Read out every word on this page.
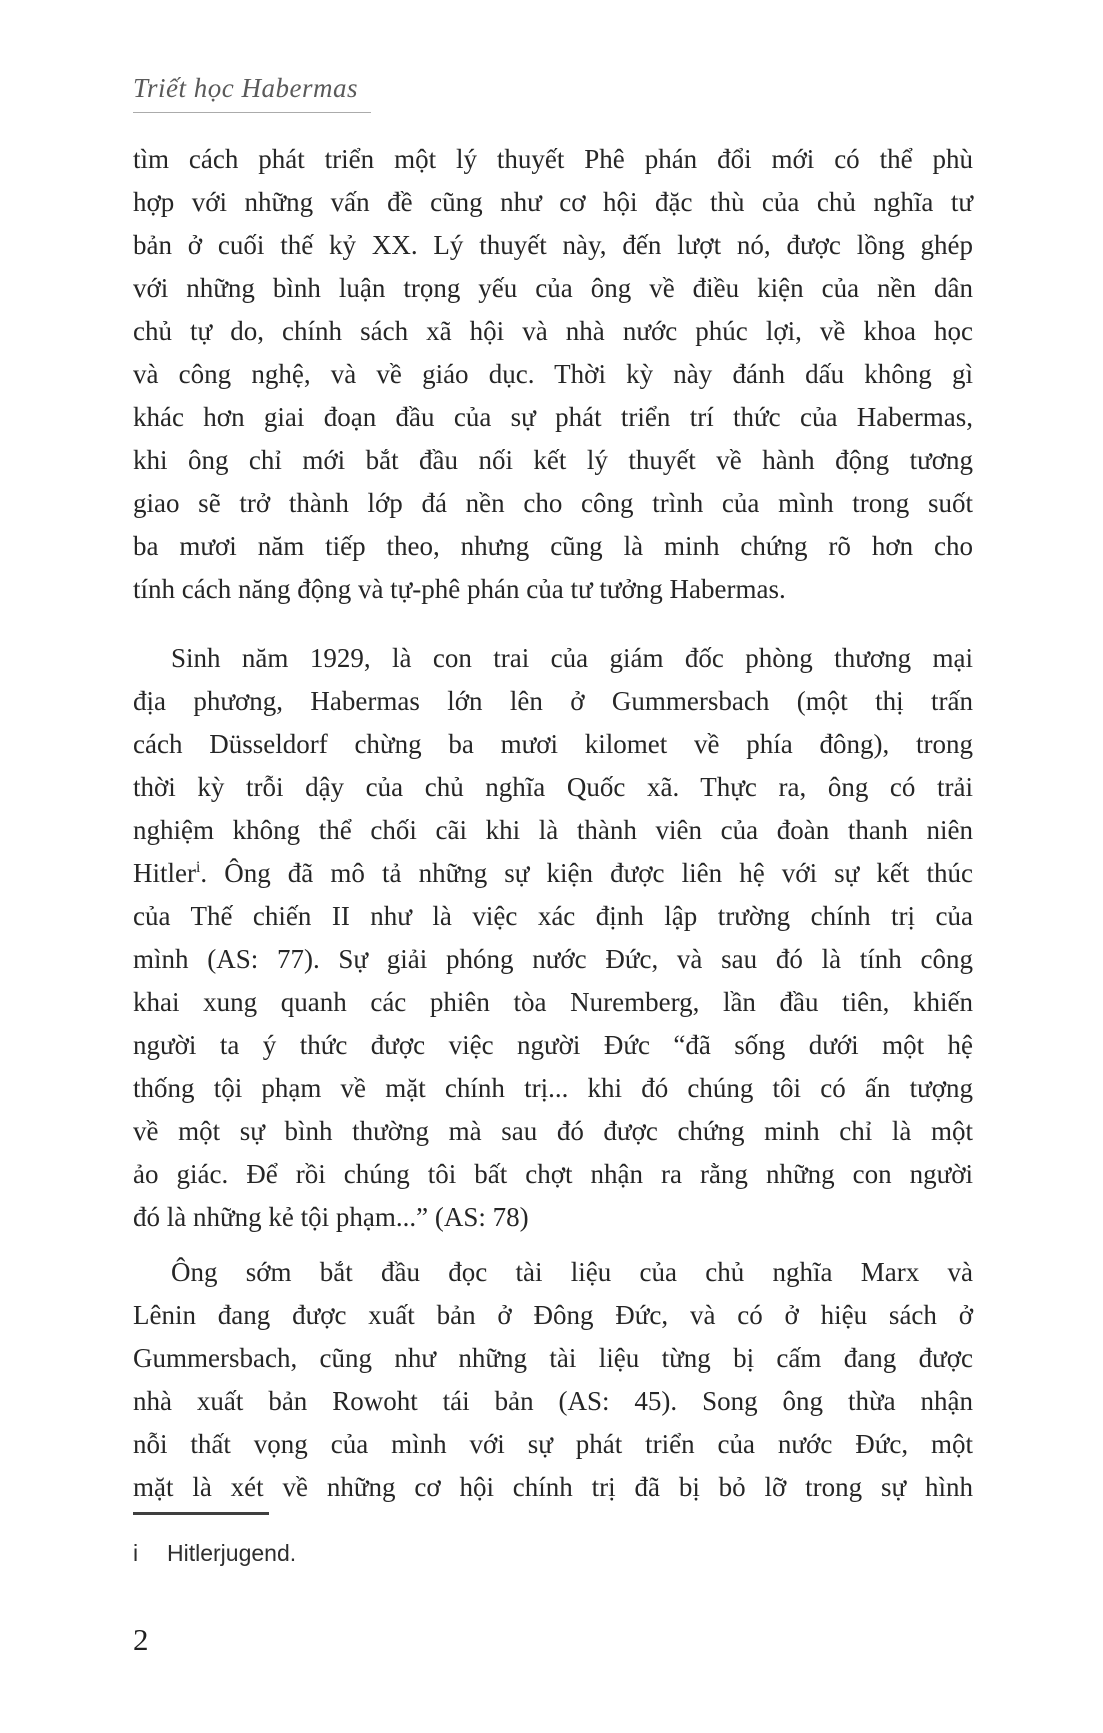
Triết học Habermas
tìm cách phát triển một lý thuyết Phê phán đổi mới có thể phù
hợp với những vấn đề cũng như cơ hội đặc thù của chủ nghĩa tư
bản ở cuối thế kỷ XX. Lý thuyết này, đến lượt nó, được lồng ghép
với những bình luận trọng yếu của ông về điều kiện của nền dân
chủ tự do, chính sách xã hội và nhà nước phúc lợi, về khoa học
và công nghệ, và về giáo dục. Thời kỳ này đánh dấu không gì
khác hơn giai đoạn đầu của sự phát triển trí thức của Habermas,
khi ông chỉ mới bắt đầu nối kết lý thuyết về hành động tương
giao sẽ trở thành lớp đá nền cho công trình của mình trong suốt
ba mươi năm tiếp theo, nhưng cũng là minh chứng rõ hơn cho
tính cách năng động và tự-phê phán của tư tưởng Habermas.
Sinh năm 1929, là con trai của giám đốc phòng thương mại
địa phương, Habermas lớn lên ở Gummersbach (một thị trấn
cách Düsseldorf chừng ba mươi kilomet về phía đông), trong
thời kỳ trỗi dậy của chủ nghĩa Quốc xã. Thực ra, ông có trải
nghiệm không thể chối cãi khi là thành viên của đoàn thanh niên
Hitler$^i$. Ông đã mô tả những sự kiện được liên hệ với sự kết thúc
của Thế chiến II như là việc xác định lập trường chính trị của
mình (AS: 77). Sự giải phóng nước Đức, và sau đó là tính công
khai xung quanh các phiên tòa Nuremberg, lần đầu tiên, khiến
người ta ý thức được việc người Đức “đã sống dưới một hệ
thống tội phạm về mặt chính trị... khi đó chúng tôi có ấn tượng
về một sự bình thường mà sau đó được chứng minh chỉ là một
ảo giác. Để rồi chúng tôi bất chợt nhận ra rằng những con người
đó là những kẻ tội phạm...” (AS: 78)
Ông sớm bắt đầu đọc tài liệu của chủ nghĩa Marx và
Lênin đang được xuất bản ở Đông Đức, và có ở hiệu sách ở
Gummersbach, cũng như những tài liệu từng bị cấm đang được
nhà xuất bản Rowoht tái bản (AS: 45). Song ông thừa nhận
nỗi thất vọng của mình với sự phát triển của nước Đức, một
mặt là xét về những cơ hội chính trị đã bị bỏ lỡ trong sự hình
i Hitlerjugend.
2
